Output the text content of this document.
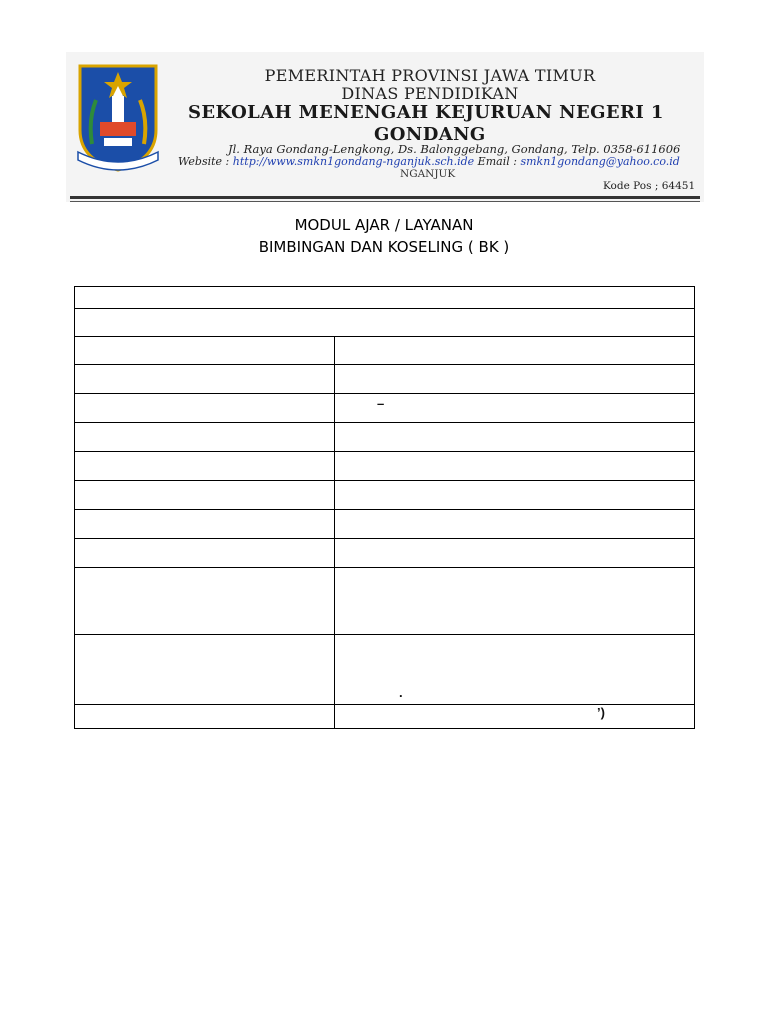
PEMERINTAH PROVINSI JAWA TIMUR
DINAS PENDIDIKAN
SEKOLAH MENENGAH KEJURUAN NEGERI 1
GONDANG
Jl. Raya Gondang-Lengkong, Ds. Balonggebang, Gondang, Telp. 0358-611606
Website : http://www.smkn1gondang-nganjuk.sch.ide Email : smkn1gondang@yahoo.co.id
NGANJUK
Kode Pos ; 64451
MODUL AJAR / LAYANAN
BIMBINGAN DAN KOSELING ( BK )

	–

	.
	’)
